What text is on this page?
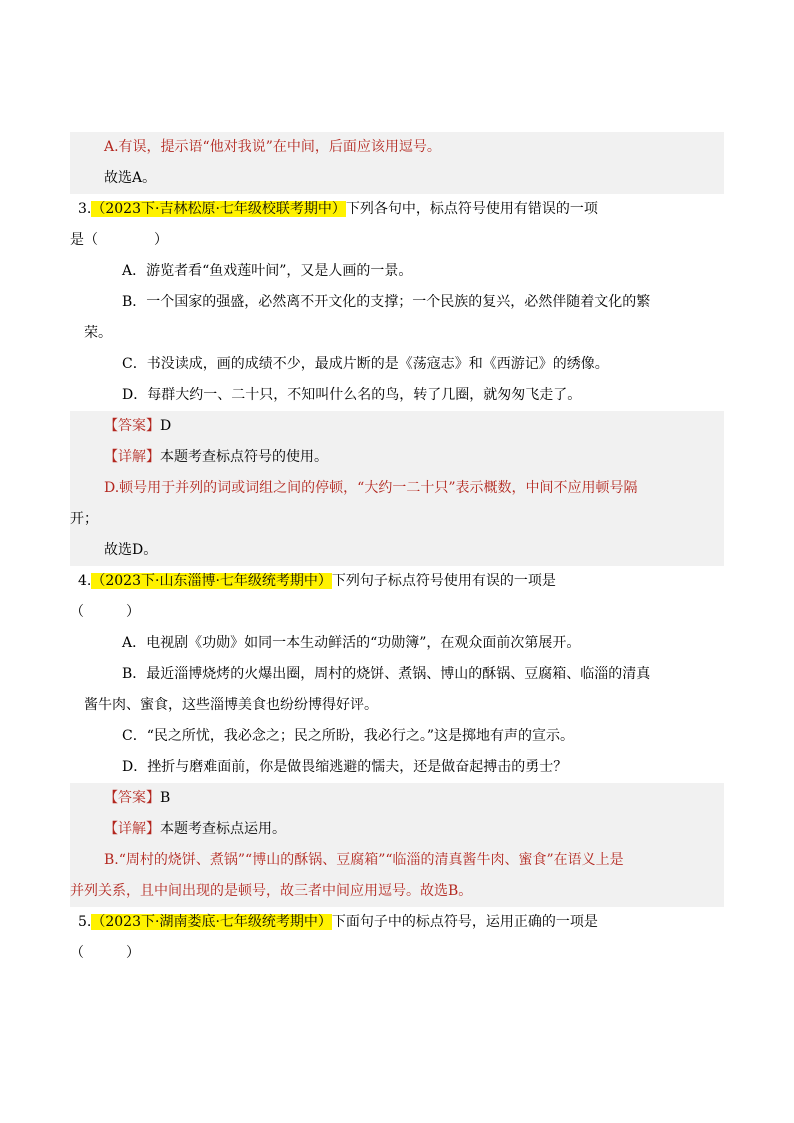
A.有误，提示语“他对我说”在中间，后面应该用逗号。
故选A。
3.（2023下·吉林松原·七年级校联考期中）下列各句中，标点符号使用有错误的一项
是（　　　　）
A．游览者看“鱼戏莲叶间”，又是人画的一景。
B．一个国家的强盛，必然离不开文化的支撑；一个民族的复兴，必然伴随着文化的繁
荣。
C．书没读成，画的成绩不少，最成片断的是《荡寇志》和《西游记》的绣像。
D．每群大约一、二十只，不知叫什么名的鸟，转了几圈，就匆匆飞走了。
【答案】D
【详解】本题考查标点符号的使用。
D.顿号用于并列的词或词组之间的停顿，“大约一二十只”表示概数，中间不应用顿号隔
开；
故选D。
4.（2023下·山东淄博·七年级统考期中）下列句子标点符号使用有误的一项是
（　　　）
A．电视剧《功勋》如同一本生动鲜活的“功勋簿”，在观众面前次第展开。
B．最近淄博烧烤的火爆出圈，周村的烧饼、煮锅、博山的酥锅、豆腐箱、临淄的清真
酱牛肉、蜜食，这些淄博美食也纷纷博得好评。
C．“民之所忧，我必念之；民之所盼，我必行之。”这是掷地有声的宣示。
D．挫折与磨难面前，你是做畏缩逃避的懦夫，还是做奋起搏击的勇士？
【答案】B
【详解】本题考查标点运用。
B.“周村的烧饼、煮锅”“博山的酥锅、豆腐箱”“临淄的清真酱牛肉、蜜食”在语义上是
并列关系，且中间出现的是顿号，故三者中间应用逗号。故选B。
5.（2023下·湖南娄底·七年级统考期中）下面句子中的标点符号，运用正确的一项是
（　　　）
